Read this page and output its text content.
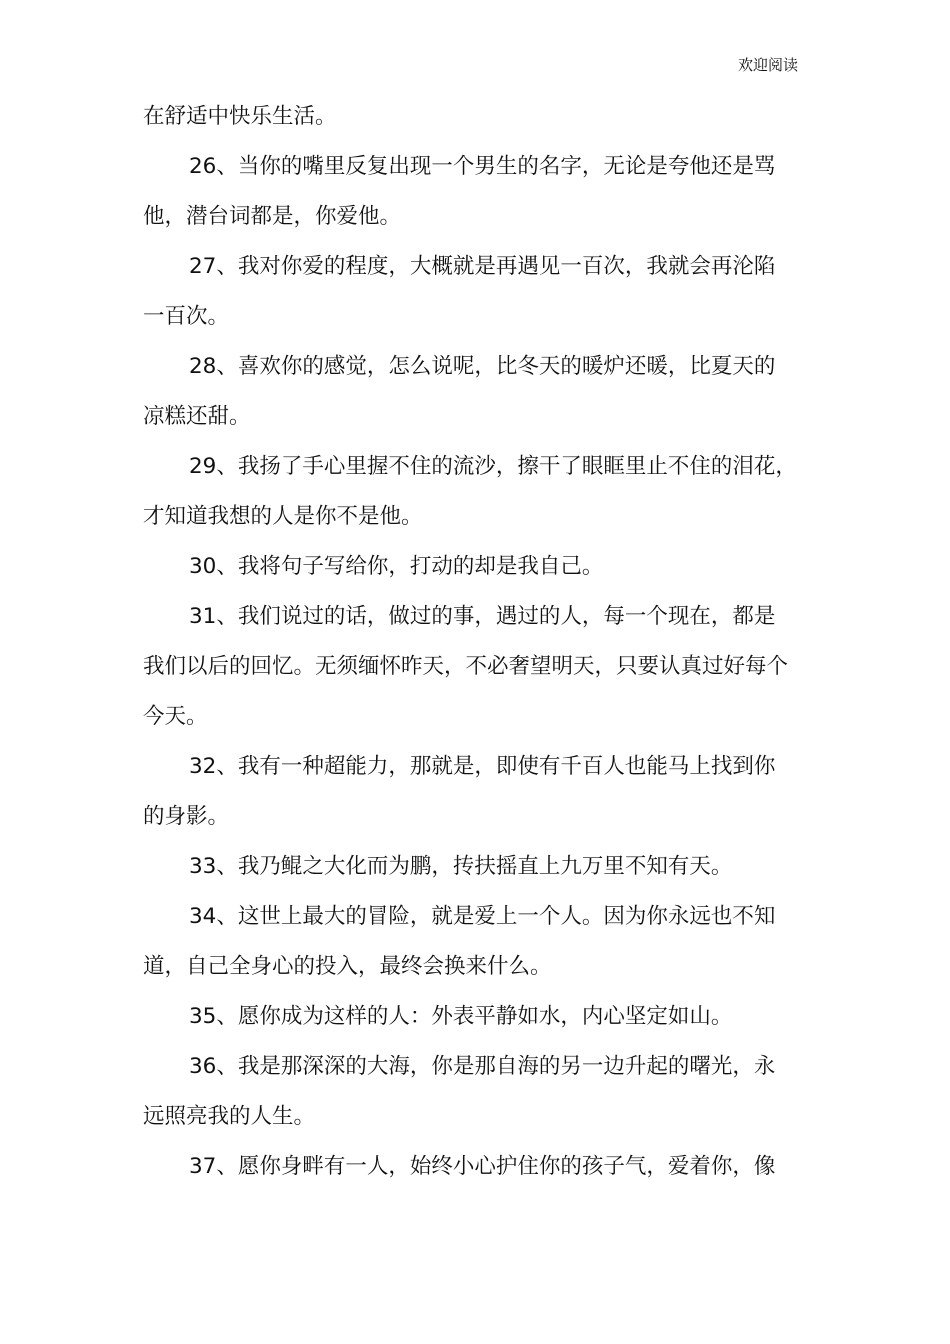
欢迎阅读
在舒适中快乐生活。
26、当你的嘴里反复出现一个男生的名字，无论是夸他还是骂
他，潜台词都是，你爱他。
27、我对你爱的程度，大概就是再遇见一百次，我就会再沦陷
一百次。
28、喜欢你的感觉，怎么说呢，比冬天的暖炉还暖，比夏天的
凉糕还甜。
29、我扬了手心里握不住的流沙，擦干了眼眶里止不住的泪花，
才知道我想的人是你不是他。
30、我将句子写给你，打动的却是我自己。
31、我们说过的话，做过的事，遇过的人，每一个现在，都是
我们以后的回忆。无须缅怀昨天，不必奢望明天，只要认真过好每个
今天。
32、我有一种超能力，那就是，即使有千百人也能马上找到你
的身影。
33、我乃鲲之大化而为鹏，抟扶摇直上九万里不知有天。
34、这世上最大的冒险，就是爱上一个人。因为你永远也不知
道，自己全身心的投入，最终会换来什么。
35、愿你成为这样的人：外表平静如水，内心坚定如山。
36、我是那深深的大海，你是那自海的另一边升起的曙光，永
远照亮我的人生。
37、愿你身畔有一人，始终小心护住你的孩子气，爱着你，像
